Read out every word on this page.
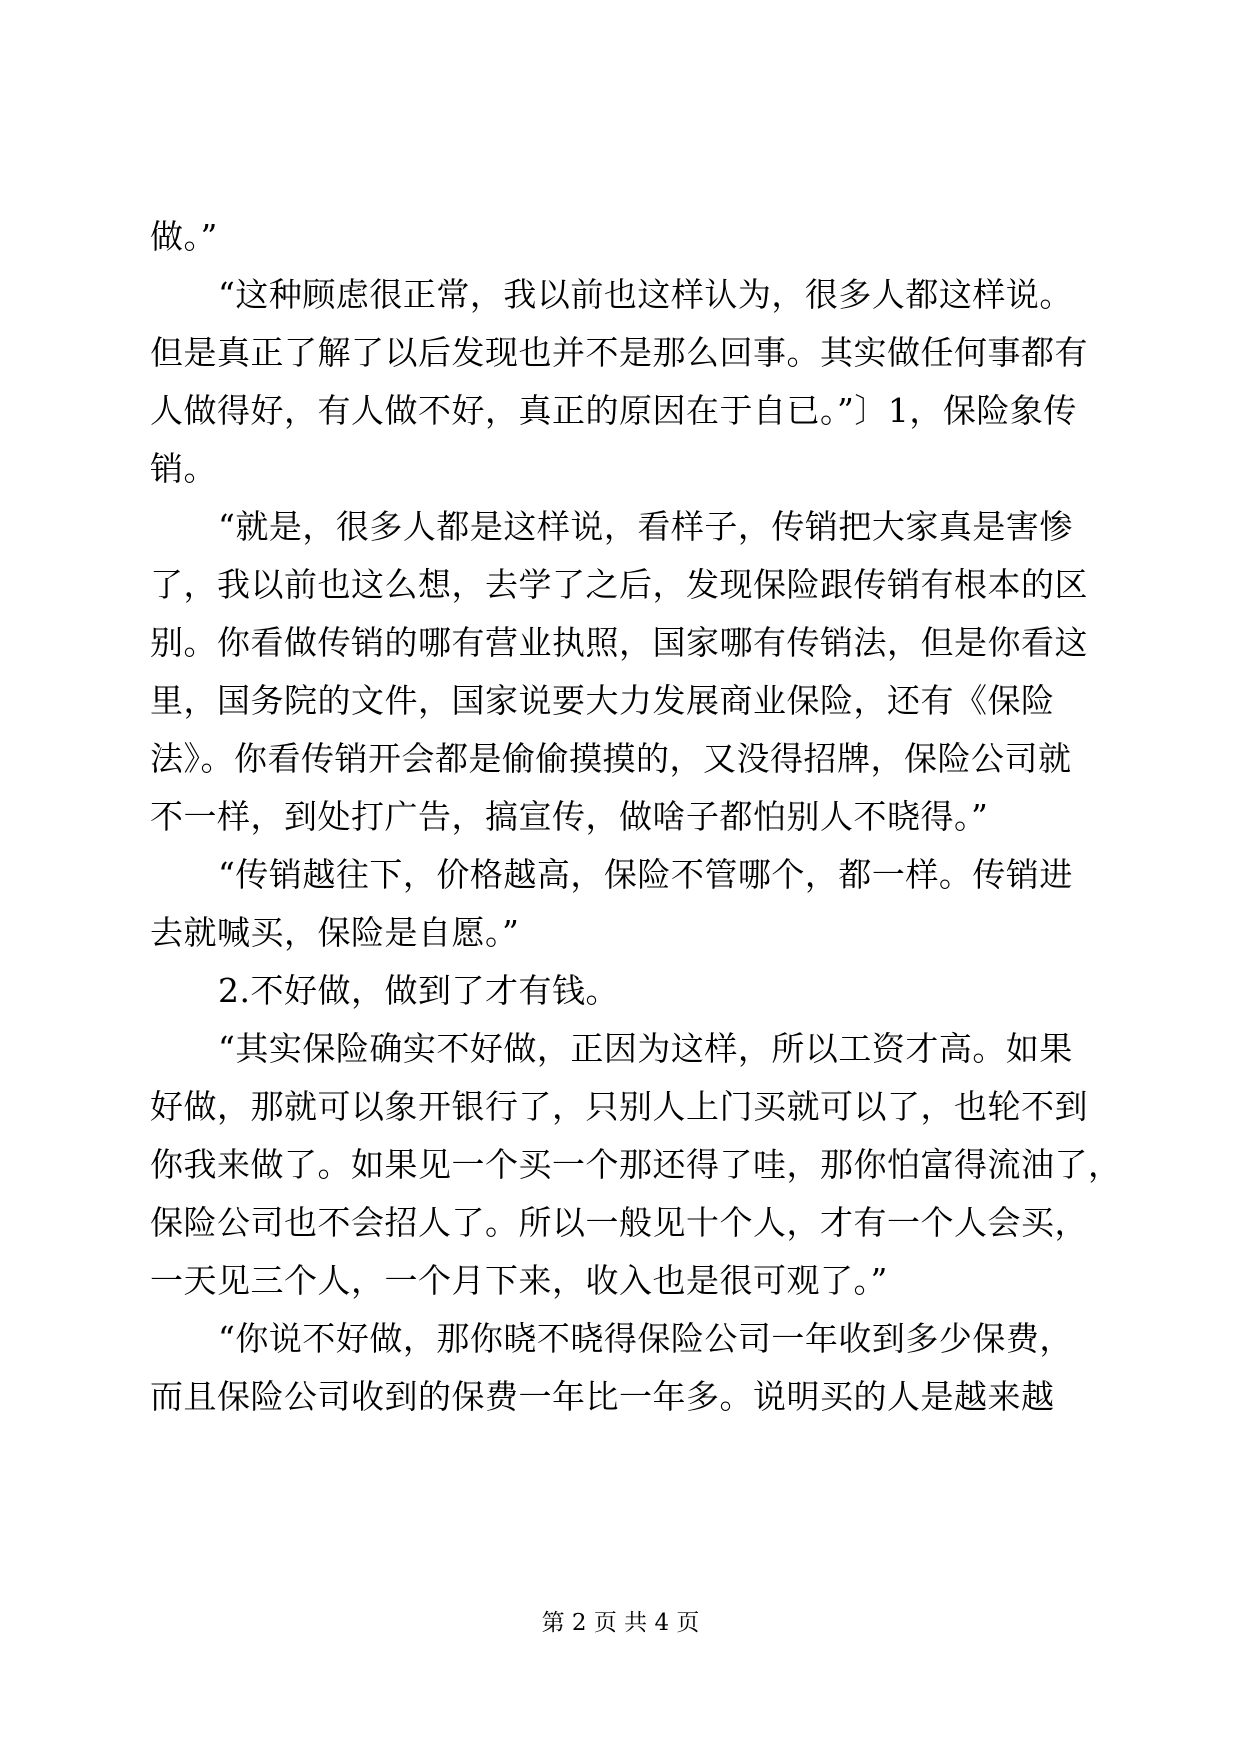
做。”
“这种顾虑很正常，我以前也这样认为，很多人都这样说。
但是真正了解了以后发现也并不是那么回事。其实做任何事都有
人做得好，有人做不好，真正的原因在于自已。”〕1，保险象传
销。
“就是，很多人都是这样说，看样子，传销把大家真是害惨
了，我以前也这么想，去学了之后，发现保险跟传销有根本的区
别。你看做传销的哪有营业执照，国家哪有传销法，但是你看这
里，国务院的文件，国家说要大力发展商业保险，还有《保险
法》。你看传销开会都是偷偷摸摸的，又没得招牌，保险公司就
不一样，到处打广告，搞宣传，做啥子都怕别人不晓得。”
“传销越往下，价格越高，保险不管哪个，都一样。传销进
去就喊买，保险是自愿。”
2.不好做，做到了才有钱。
“其实保险确实不好做，正因为这样，所以工资才高。如果
好做，那就可以象开银行了，只别人上门买就可以了，也轮不到
你我来做了。如果见一个买一个那还得了哇，那你怕富得流油了，
保险公司也不会招人了。所以一般见十个人，才有一个人会买，
一天见三个人，一个月下来，收入也是很可观了。”
“你说不好做，那你晓不晓得保险公司一年收到多少保费，
而且保险公司收到的保费一年比一年多。说明买的人是越来越
第 2 页 共 4 页
